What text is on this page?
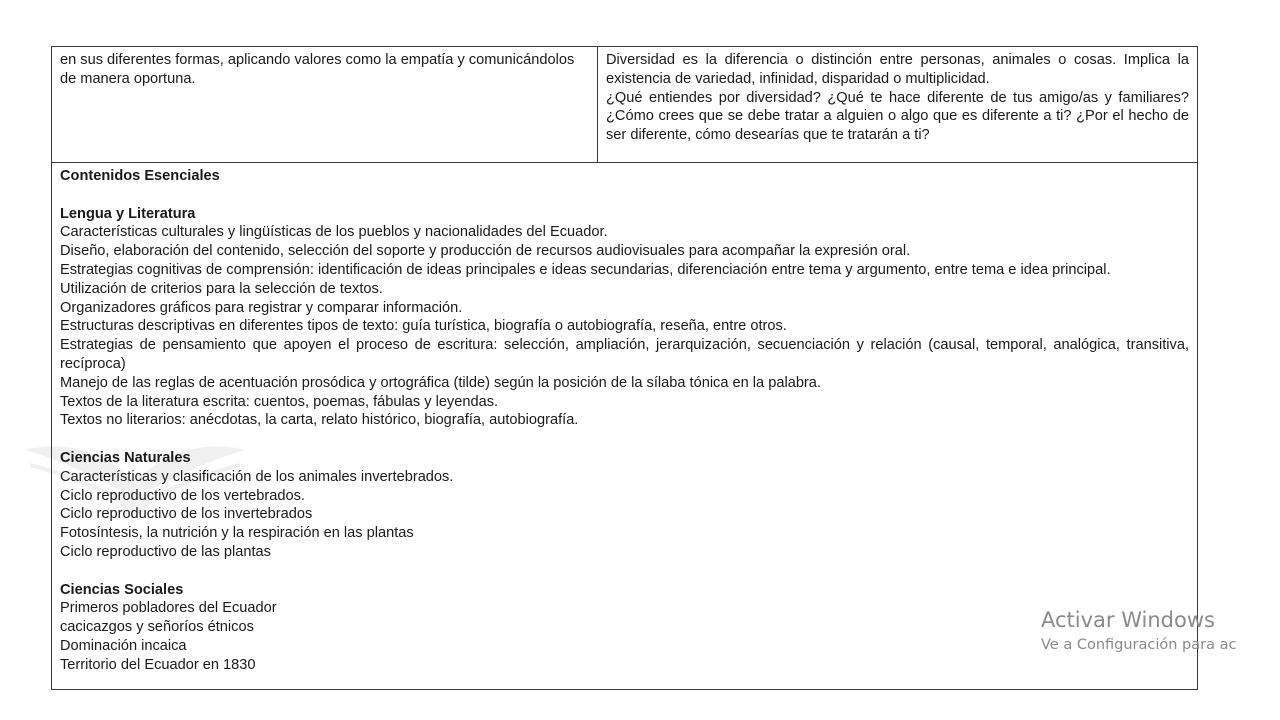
en sus diferentes formas, aplicando valores como la empatía y comunicándolos de manera oportuna.

Diversidad es la diferencia o distinción entre personas, animales o cosas. Implica la existencia de variedad, infinidad, disparidad o multiplicidad.

¿Qué entiendes por diversidad? ¿Qué te hace diferente de tus amigo/as y familiares? ¿Cómo crees que se debe tratar a alguien o algo que es diferente a ti? ¿Por el hecho de ser diferente, cómo desearías que te tratarán a ti?

Contenidos Esenciales

Lengua y Literatura

Características culturales y lingüísticas de los pueblos y nacionalidades del Ecuador.

Diseño, elaboración del contenido, selección del soporte y producción de recursos audiovisuales para acompañar la expresión oral.

Estrategias cognitivas de comprensión: identificación de ideas principales e ideas secundarias, diferenciación entre tema y argumento, entre tema e idea principal.

Utilización de criterios para la selección de textos.

Organizadores gráficos para registrar y comparar información.

Estructuras descriptivas en diferentes tipos de texto: guía turística, biografía o autobiografía, reseña, entre otros.

Estrategias de pensamiento que apoyen el proceso de escritura: selección, ampliación, jerarquización, secuenciación y relación (causal, temporal, analógica, transitiva, recíproca)

Manejo de las reglas de acentuación prosódica y ortográfica (tilde) según la posición de la sílaba tónica en la palabra.

Textos de la literatura escrita: cuentos, poemas, fábulas y leyendas.

Textos no literarios: anécdotas, la carta, relato histórico, biografía, autobiografía.

Ciencias Naturales

Características y clasificación de los animales invertebrados.

Ciclo reproductivo de los vertebrados.

Ciclo reproductivo de los invertebrados

Fotosíntesis, la nutrición y la respiración en las plantas

Ciclo reproductivo de las plantas

Ciencias Sociales

Primeros pobladores del Ecuador

cacicazgos y señoríos étnicos

Dominación incaica

Territorio del Ecuador en 1830

Activar Windows
Ve a Configuración para ac
